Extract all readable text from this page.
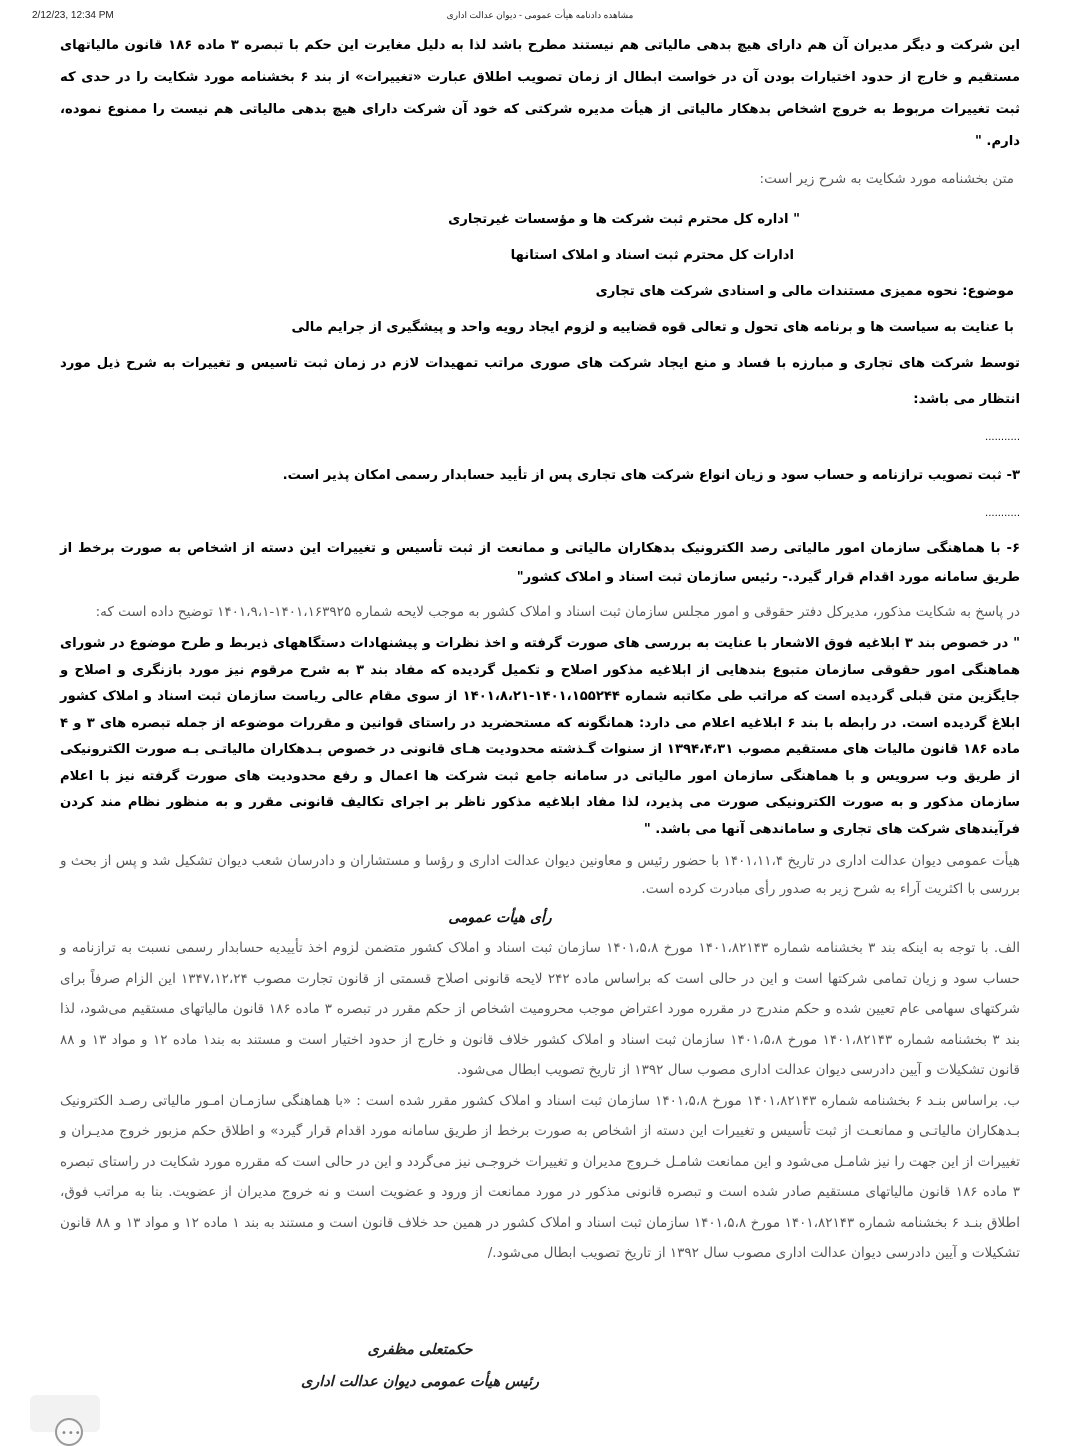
2/12/23, 12:34 PM	مشاهده دادنامه هیأت عمومی - دیوان عدالت اداری

این شرکت و دیگر مدیران آن هم دارای هیچ بدهی مالیاتی هم نیستند مطرح باشد لذا به دلیل مغایرت این حکم با تبصره ۳ ماده ۱۸۶ قانون مالیاتهای مستقیم و خارج از حدود اختیارات بودن آن در خواست ابطال از زمان تصویب اطلاق عبارت «تغییرات» از بند ۶ بخشنامه مورد شکایت را در حدی که ثبت تغییرات مربوط به خروج اشخاص بدهکار مالیاتی از هیأت مدیره شرکتی که خود آن شرکت دارای هیچ بدهی مالیاتی هم نیست را ممنوع نموده، دارم. "

متن بخشنامه مورد شکایت به شرح زیر است:

" اداره کل محترم ثبت شرکت ها و مؤسسات غیرتجاری

ادارات کل محترم ثبت اسناد و املاک استانها

موضوع: نحوه ممیزی مستندات مالی و اسنادی شرکت های تجاری

با عنایت به سیاست ها و برنامه های تحول و تعالی قوه قضاییه و لزوم ایجاد رویه واحد و پیشگیری از جرایم مالی

توسط شرکت های تجاری و مبارزه با فساد و منع ایجاد شرکت های صوری مراتب تمهیدات لازم در زمان ثبت تاسیس و تغییرات به شرح ذیل مورد انتظار می باشد:

...........

۳- ثبت تصویب ترازنامه و حساب سود و زیان انواع شرکت های تجاری پس از تأیید حسابدار رسمی امکان پذیر است.

...........

۶- با هماهنگی سازمان امور مالیاتی رصد الکترونیک بدهکاران مالیاتی و ممانعت از ثبت تأسیس و تغییرات این دسته از اشخاص به صورت برخط از طریق سامانه مورد اقدام قرار گیرد.- رئیس سازمان ثبت اسناد و املاک کشور"

در پاسخ به شکایت مذکور، مدیرکل دفتر حقوقی و امور مجلس سازمان ثبت اسناد و املاک کشور به موجب لایحه شماره ۱۴۰۱،۱۶۳۹۲۵-۱۴۰۱،۹،۱ توضیح داده است که:

" در خصوص بند ۳ ابلاغیه فوق الاشعار با عنایت به بررسی های صورت گرفته و اخذ نظرات و پیشنهادات دستگاههای ذیربط و طرح موضوع در شورای هماهنگی امور حقوقی سازمان متبوع بندهایی از ابلاغیه مذکور اصلاح و تکمیل گردیده که مفاد بند ۳ به شرح مرقوم نیز مورد بازنگری و اصلاح و جایگزین متن قبلی گردیده است که مراتب طی مکاتبه شماره ۱۴۰۱،۱۵۵۲۴۴-۱۴۰۱،۸،۲۱ از سوی مقام عالی ریاست سازمان ثبت اسناد و املاک کشور ابلاغ گردیده است. در رابطه با بند ۶ ابلاغیه اعلام می دارد: همانگونه که مستحضرید در راستای قوانین و مقررات موضوعه از جمله تبصره های ۳ و ۴ ماده ۱۸۶ قانون مالیات های مستقیم مصوب ۱۳۹۴،۴،۳۱ از سنوات گـذشته محدودیت هـای قانونی در خصوص بـدهکاران مالیاتـی بـه صورت الکترونیکی از طریق وب سرویس و با هماهنگی سازمان امور مالیاتی در سامانه جامع ثبت شرکت ها اعمال و رفع محدودیت های صورت گرفته نیز با اعلام سازمان مذکور و به صورت الکترونیکی صورت می پذیرد، لذا مفاد ابلاغیه مذکور ناظر بر اجرای تکالیف قانونی مقرر و به منظور نظام مند کردن فرآیندهای شرکت های تجاری و ساماندهی آنها می باشد. "

هیأت عمومی دیوان عدالت اداری در تاریخ ۱۴۰۱،۱۱،۴ با حضور رئیس و معاونین دیوان عدالت اداری و رؤسا و مستشاران و دادرسان شعب دیوان تشکیل شد و پس از بحث و بررسی با اکثریت آراء به شرح زیر به صدور رأی مبادرت کرده است.

رأی هیأت عمومی

الف. با توجه به اینکه بند ۳ بخشنامه شماره ۱۴۰۱،۸۲۱۴۳ مورخ ۱۴۰۱،۵،۸ سازمان ثبت اسناد و املاک کشور متضمن لزوم اخذ تأییدیه حسابدار رسمی نسبت به ترازنامه و حساب سود و زیان تمامی شرکتها است و این در حالی است که براساس ماده ۲۴۲ لایحه قانونی اصلاح قسمتی از قانون تجارت مصوب ۱۳۴۷،۱۲،۲۴ این الزام صرفاً برای شرکتهای سهامی عام تعیین شده و حکم مندرج در مقرره مورد اعتراض موجب محرومیت اشخاص از حکم مقرر در تبصره ۳ ماده ۱۸۶ قانون مالیاتهای مستقیم می‌شود، لذا بند ۳ بخشنامه شماره ۱۴۰۱،۸۲۱۴۳ مورخ ۱۴۰۱،۵،۸ سازمان ثبت اسناد و املاک کشور خلاف قانون و خارج از حدود اختیار است و مستند به بند۱ ماده ۱۲ و مواد ۱۳ و ۸۸ قانون تشکیلات و آیین دادرسی دیوان عدالت اداری مصوب سال ۱۳۹۲ از تاریخ تصویب ابطال می‌شود.

ب. براساس بنـد ۶ بخشنامه شماره ۱۴۰۱،۸۲۱۴۳ مورخ ۱۴۰۱،۵،۸ سازمان ثبت اسناد و املاک کشور مقرر شده است : «با هماهنگی سازمـان امـور مالیاتی رصـد الکترونیک بـدهکاران مالیاتـی و ممانعـت از ثبت تأسیس و تغییرات این دسته از اشخاص به صورت برخط از طریق سامانه مورد اقدام قرار گیرد» و اطلاق حکم مزبور خروج مدیـران و تغییرات از این جهت را نیز شامـل می‌شود و این ممانعت شامـل خـروج مدیران و تغییرات خروجـی نیز می‌گردد و این در حالی است که مقرره مورد شکایت در راستای تبصره ۳ ماده ۱۸۶ قانون مالیاتهای مستقیم صادر شده است و تبصره قانونی مذکور در مورد ممانعت از ورود و عضویت است و نه خروج مدیران از عضویت. بنا به مراتب فوق، اطلاق بنـد ۶ بخشنامه شماره ۱۴۰۱،۸۲۱۴۳ مورخ ۱۴۰۱،۵،۸ سازمان ثبت اسناد و املاک کشور در همین حد خلاف قانون است و مستند به بند ۱ ماده ۱۲ و مواد ۱۳ و ۸۸ قانون تشکیلات و آیین دادرسی دیوان عدالت اداری مصوب سال ۱۳۹۲ از تاریخ تصویب ابطال می‌شود./

حکمتعلی مظفری
رئیس هیأت عمومی دیوان عدالت اداری
•••
